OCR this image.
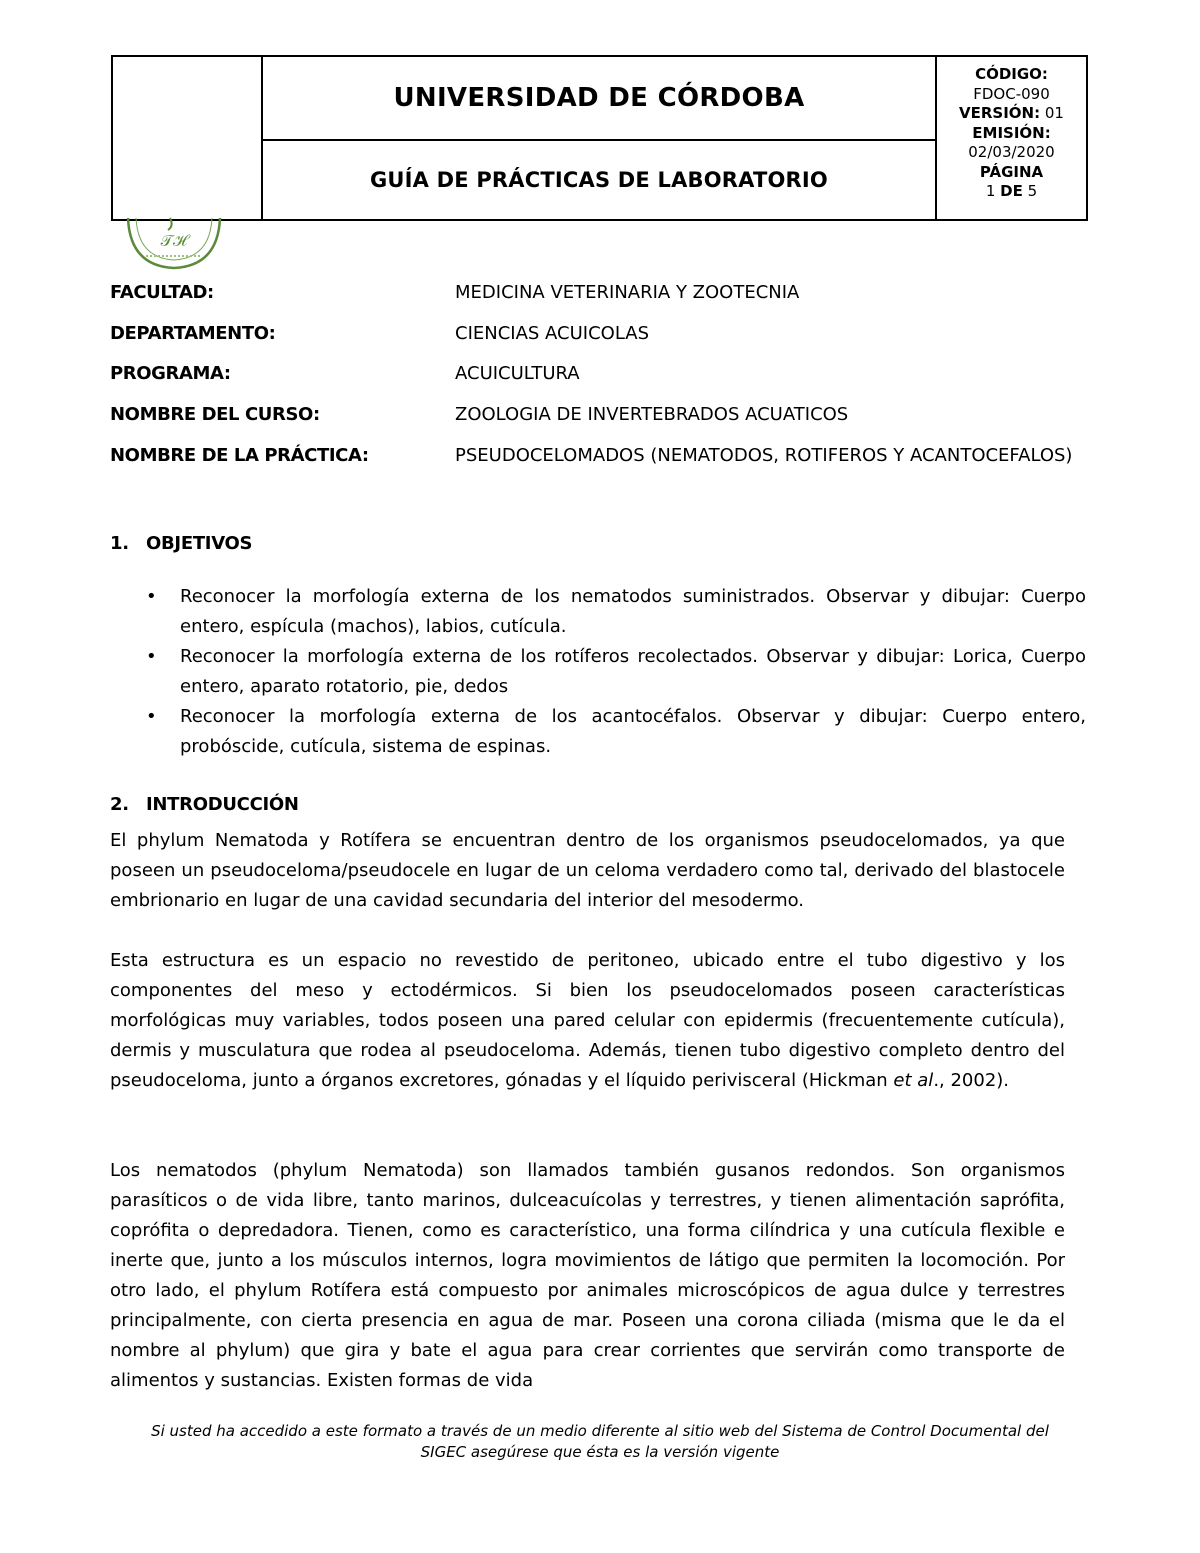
UNIVERSIDAD DE CÓRDOBA
GUÍA DE PRÁCTICAS DE LABORATORIO
CÓDIGO:
FDOC-090
VERSIÓN: 01
EMISIÓN:
02/03/2020
PÁGINA
1 DE 5
𝒯ℋ
FACULTAD:	MEDICINA VETERINARIA Y ZOOTECNIA
DEPARTAMENTO:	CIENCIAS ACUICOLAS
PROGRAMA:	ACUICULTURA
NOMBRE DEL CURSO:	ZOOLOGIA DE INVERTEBRADOS ACUATICOS
NOMBRE DE LA PRÁCTICA:	PSEUDOCELOMADOS (NEMATODOS, ROTIFEROS Y ACANTOCEFALOS)
1. OBJETIVOS
• Reconocer la morfología externa de los nematodos suministrados. Observar y dibujar: Cuerpo entero, espícula (machos), labios, cutícula.
• Reconocer la morfología externa de los rotíferos recolectados. Observar y dibujar: Lorica, Cuerpo entero, aparato rotatorio, pie, dedos
• Reconocer la morfología externa de los acantocéfalos. Observar y dibujar: Cuerpo entero, probóscide, cutícula, sistema de espinas.
2. INTRODUCCIÓN

El phylum Nematoda y Rotífera se encuentran dentro de los organismos pseudocelomados, ya que poseen un pseudoceloma/pseudocele en lugar de un celoma verdadero como tal, derivado del blastocele embrionario en lugar de una cavidad secundaria del interior del mesodermo.

Esta estructura es un espacio no revestido de peritoneo, ubicado entre el tubo digestivo y los componentes del meso y ectodérmicos. Si bien los pseudocelomados poseen características morfológicas muy variables, todos poseen una pared celular con epidermis (frecuentemente cutícula), dermis y musculatura que rodea al pseudoceloma. Además, tienen tubo digestivo completo dentro del pseudoceloma, junto a órganos excretores, gónadas y el líquido perivisceral (Hickman et al., 2002).

Los nematodos (phylum Nematoda) son llamados también gusanos redondos. Son organismos parasíticos o de vida libre, tanto marinos, dulceacuícolas y terrestres, y tienen alimentación saprófita, coprófita o depredadora. Tienen, como es característico, una forma cilíndrica y una cutícula flexible e inerte que, junto a los músculos internos, logra movimientos de látigo que permiten la locomoción. Por otro lado, el phylum Rotífera está compuesto por animales microscópicos de agua dulce y terrestres principalmente, con cierta presencia en agua de mar. Poseen una corona ciliada (misma que le da el nombre al phylum) que gira y bate el agua para crear corrientes que servirán como transporte de alimentos y sustancias. Existen formas de vida

Si usted ha accedido a este formato a través de un medio diferente al sitio web del Sistema de Control Documental del
SIGEC asegúrese que ésta es la versión vigente
